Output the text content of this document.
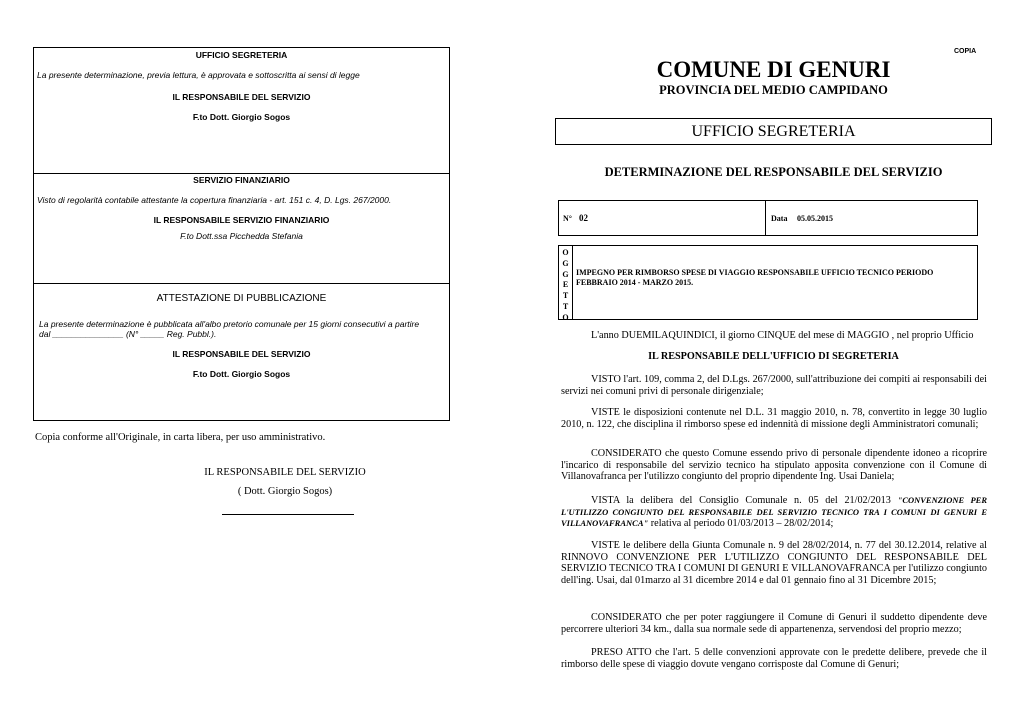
UFFICIO SEGRETERIA
La presente determinazione, previa lettura, è approvata e sottoscritta ai sensi di legge
IL RESPONSABILE DEL SERVIZIO
F.to Dott. Giorgio Sogos
SERVIZIO FINANZIARIO
Visto di regolarità contabile attestante la copertura finanziaria - art. 151 c. 4, D. Lgs. 267/2000.
IL RESPONSABILE SERVIZIO FINANZIARIO
F.to Dott.ssa Picchedda Stefania
ATTESTAZIONE DI PUBBLICAZIONE
La presente determinazione è pubblicata all'albo pretorio comunale per 15 giorni consecutivi a partire
dal _______________ (N° _____ Reg. Pubbl.).
IL RESPONSABILE DEL SERVIZIO
F.to Dott. Giorgio Sogos
Copia conforme all'Originale, in carta libera, per uso amministrativo.
IL RESPONSABILE DEL SERVIZIO
( Dott. Giorgio Sogos)
COPIA
COMUNE DI GENURI
PROVINCIA DEL MEDIO CAMPIDANO
UFFICIO SEGRETERIA
DETERMINAZIONE DEL RESPONSABILE DEL SERVIZIO
N° 02	Data 05.05.2015
O
G
G
E
T
T
O
IMPEGNO PER RIMBORSO SPESE DI VIAGGIO RESPONSABILE UFFICIO TECNICO PERIODO FEBBRAIO 2014 - MARZO 2015.
L'anno DUEMILAQUINDICI, il giorno CINQUE del mese di MAGGIO , nel proprio Ufficio
IL RESPONSABILE DELL'UFFICIO DI SEGRETERIA
VISTO l'art. 109, comma 2, del D.Lgs. 267/2000, sull'attribuzione dei compiti ai responsabili dei servizi nei comuni privi di personale dirigenziale;
VISTE le disposizioni contenute nel D.L. 31 maggio 2010, n. 78, convertito in legge 30 luglio 2010, n. 122, che disciplina il rimborso spese ed indennità di missione degli Amministratori comunali;
CONSIDERATO che questo Comune essendo privo di personale dipendente idoneo a ricoprire l'incarico di responsabile del servizio tecnico ha stipulato apposita convenzione con il Comune di Villanovafranca per l'utilizzo congiunto del proprio dipendente Ing. Usai Daniela;
VISTA la delibera del Consiglio Comunale n. 05 del 21/02/2013 "CONVENZIONE PER L'UTILIZZO CONGIUNTO DEL RESPONSABILE DEL SERVIZIO TECNICO TRA I COMUNI DI GENURI E VILLANOVAFRANCA" relativa al periodo 01/03/2013 – 28/02/2014;
VISTE le delibere della Giunta Comunale n. 9 del 28/02/2014, n. 77 del 30.12.2014, relative al RINNOVO CONVENZIONE PER L'UTILIZZO CONGIUNTO DEL RESPONSABILE DEL SERVIZIO TECNICO TRA I COMUNI DI GENURI E VILLANOVAFRANCA per l'utilizzo congiunto dell'ing. Usai, dal 01marzo al 31 dicembre 2014 e dal 01 gennaio fino al 31 Dicembre 2015;
CONSIDERATO che per poter raggiungere il Comune di Genuri il suddetto dipendente deve percorrere ulteriori 34 km., dalla sua normale sede di appartenenza, servendosi del proprio mezzo;
PRESO ATTO che l'art. 5 delle convenzioni approvate con le predette delibere, prevede che il rimborso delle spese di viaggio dovute vengano corrisposte dal Comune di Genuri;
